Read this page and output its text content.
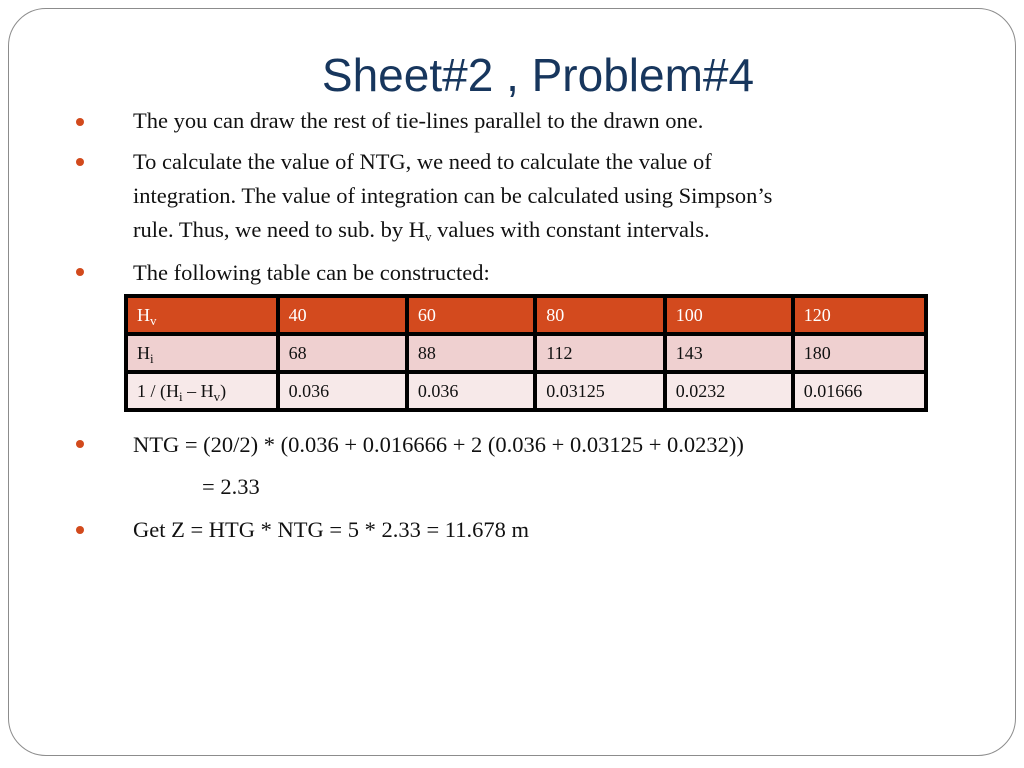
Sheet#2 , Problem#4
The you can draw the rest of tie-lines parallel to the drawn one.
To calculate the value of NTG, we need to calculate the value of
integration. The value of integration can be calculated using Simpson’s
rule. Thus, we need to sub. by $H_v$ values with constant intervals.
The following table can be constructed:
$H_v$	40	60	80	100	120
$H_i$	68	88	112	143	180
$1 / (H_i - H_v)$	0.036	0.036	0.03125	0.0232	0.01666
NTG = (20/2) * (0.036 + 0.016666 + 2 (0.036 + 0.03125 + 0.0232))
= 2.33
Get Z = HTG * NTG = 5 * 2.33 = 11.678 m
